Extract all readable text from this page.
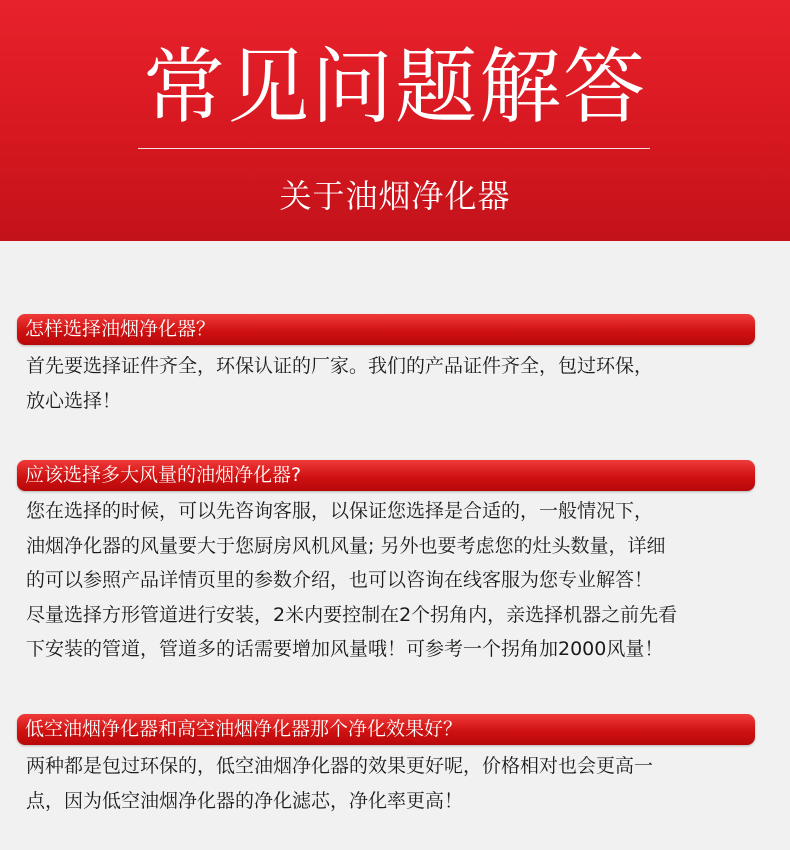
常见问题解答
关于油烟净化器
怎样选择油烟净化器？

首先要选择证件齐全，环保认证的厂家。我们的产品证件齐全，包过环保，
放心选择！

应该选择多大风量的油烟净化器?

您在选择的时候，可以先咨询客服，以保证您选择是合适的，一般情况下，
油烟净化器的风量要大于您厨房风机风量; 另外也要考虑您的灶头数量，详细
的可以参照产品详情页里的参数介绍，也可以咨询在线客服为您专业解答！
尽量选择方形管道进行安装，2米内要控制在2个拐角内，亲选择机器之前先看
下安装的管道，管道多的话需要增加风量哦！可参考一个拐角加2000风量！

低空油烟净化器和高空油烟净化器那个净化效果好？

两种都是包过环保的，低空油烟净化器的效果更好呢，价格相对也会更高一
点，因为低空油烟净化器的净化滤芯，净化率更高！
